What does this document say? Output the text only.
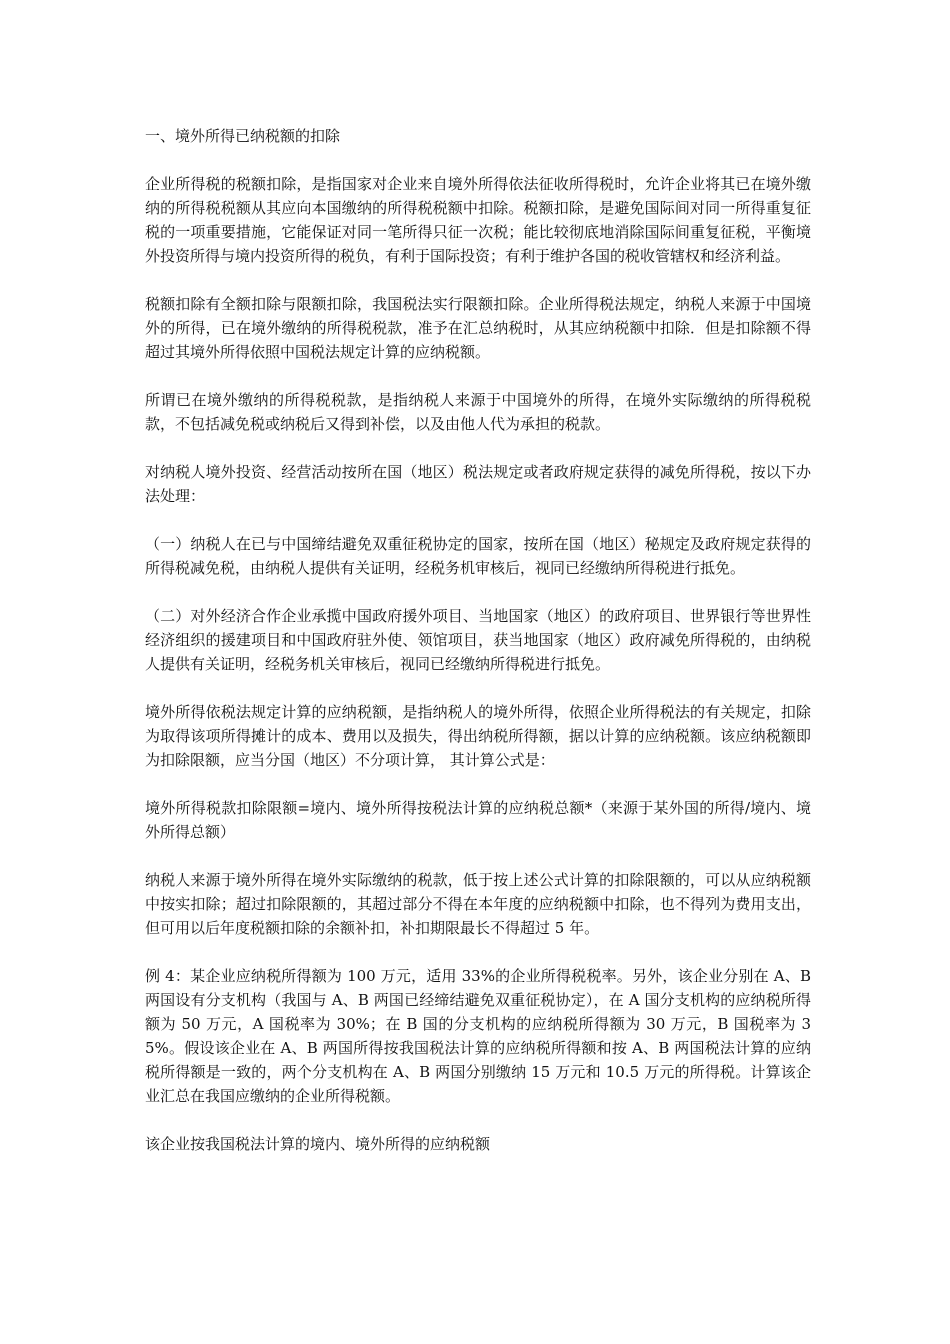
一、境外所得已纳税额的扣除

企业所得税的税额扣除，是指国家对企业来自境外所得依法征收所得税时，允许企业将其已在境外缴纳的所得税税额从其应向本国缴纳的所得税税额中扣除。税额扣除，是避免国际间对同一所得重复征税的一项重要措施，它能保证对同一笔所得只征一次税；能比较彻底地消除国际间重复征税，平衡境外投资所得与境内投资所得的税负，有利于国际投资；有利于维护各国的税收管辖权和经济利益。

税额扣除有全额扣除与限额扣除，我国税法实行限额扣除。企业所得税法规定，纳税人来源于中国境外的所得，已在境外缴纳的所得税税款，准予在汇总纳税时，从其应纳税额中扣除．但是扣除额不得超过其境外所得依照中国税法规定计算的应纳税额。

所谓已在境外缴纳的所得税税款，是指纳税人来源于中国境外的所得，在境外实际缴纳的所得税税款，不包括减免税或纳税后又得到补偿，以及由他人代为承担的税款。

对纳税人境外投资、经营活动按所在国（地区）税法规定或者政府规定获得的减免所得税，按以下办法处理：

（一）纳税人在已与中国缔结避免双重征税协定的国家，按所在国（地区）秘规定及政府规定获得的所得税减免税，由纳税人提供有关证明，经税务机审核后，视同已经缴纳所得税进行抵免。

（二）对外经济合作企业承揽中国政府援外项目、当地国家（地区）的政府项目、世界银行等世界性经济组织的援建项目和中国政府驻外使、领馆项目，获当地国家（地区）政府减免所得税的，由纳税人提供有关证明，经税务机关审核后，视同已经缴纳所得税进行抵免。

境外所得依税法规定计算的应纳税额，是指纳税人的境外所得，依照企业所得税法的有关规定，扣除为取得该项所得摊计的成本、费用以及损失，得出纳税所得额，据以计算的应纳税额。该应纳税额即为扣除限额，应当分国（地区）不分项计算， 其计算公式是：

境外所得税款扣除限额=境内、境外所得按税法计算的应纳税总额*（来源于某外国的所得/境内、境外所得总额）

纳税人来源于境外所得在境外实际缴纳的税款，低于按上述公式计算的扣除限额的，可以从应纳税额中按实扣除；超过扣除限额的，其超过部分不得在本年度的应纳税额中扣除，也不得列为费用支出，但可用以后年度税额扣除的余额补扣，补扣期限最长不得超过 5 年。

例 4：某企业应纳税所得额为 100 万元，适用 33%的企业所得税税率。另外，该企业分别在 A、B 两国设有分支机构（我国与 A、B 两国已经缔结避免双重征税协定），在 A 国分支机构的应纳税所得额为 50 万元，A 国税率为 30%；在 B 国的分支机构的应纳税所得额为 30 万元，B 国税率为 35%。假设该企业在 A、B 两国所得按我国税法计算的应纳税所得额和按 A、B 两国税法计算的应纳税所得额是一致的，两个分支机构在 A、B 两国分别缴纳 15 万元和 10.5 万元的所得税。计算该企业汇总在我国应缴纳的企业所得税额。

该企业按我国税法计算的境内、境外所得的应纳税额
